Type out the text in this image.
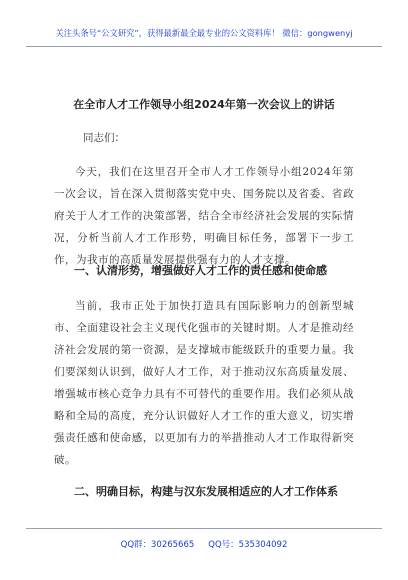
关注头条号“公文研究”，获得最新最全最专业的公文资料库！ 微信：gongwenyj
在全市人才工作领导小组2024年第一次会议上的讲话
同志们：
今天，我们在这里召开全市人才工作领导小组2024年第一次会议，旨在深入贯彻落实党中央、国务院以及省委、省政府关于人才工作的决策部署，结合全市经济社会发展的实际情况，分析当前人才工作形势，明确目标任务，部署下一步工作，为我市的高质量发展提供强有力的人才支撑。
一、认清形势，增强做好人才工作的责任感和使命感
当前，我市正处于加快打造具有国际影响力的创新型城市、全面建设社会主义现代化强市的关键时期。人才是推动经济社会发展的第一资源，是支撑城市能级跃升的重要力量。我们要深刻认识到，做好人才工作，对于推动汉东高质量发展、增强城市核心竞争力具有不可替代的重要作用。我们必须从战略和全局的高度，充分认识做好人才工作的重大意义，切实增强责任感和使命感，以更加有力的举措推动人才工作取得新突破。
二、明确目标，构建与汉东发展相适应的人才工作体系
QQ群：30265665 QQ号：535304092
